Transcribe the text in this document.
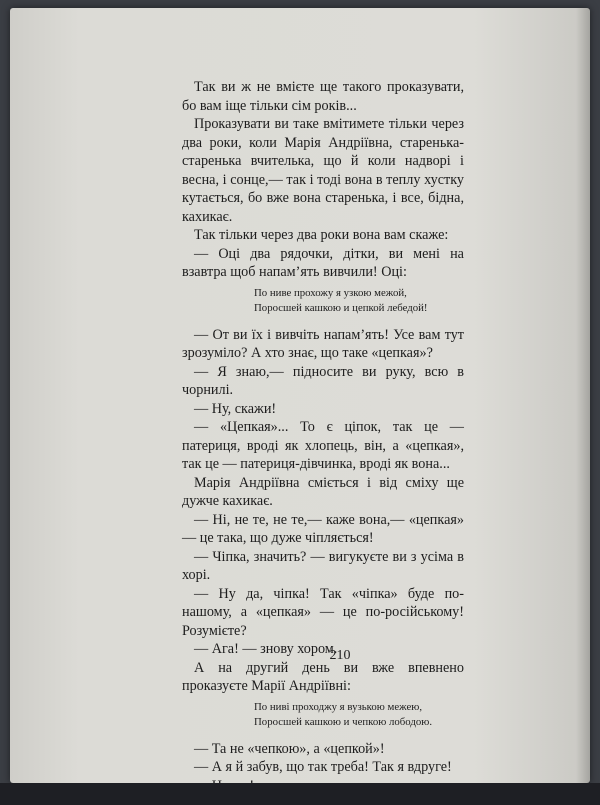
Так ви ж не вмієте ще такого проказувати, бо вам іще тільки сім років...

Проказувати ви таке вмітимете тільки через два роки, коли Марія Андріївна, старенька-старенька вчителька, що й коли надворі і весна, і сонце,— так і тоді вона в теплу хустку кутається, бо вже вона старенька, і все, бідна, кахикає.

Так тільки через два роки вона вам скаже:

— Оці два рядочки, дітки, ви мені на взавтра щоб напам’ять вивчили! Оці:

По ниве прохожу я узкою межой,
Поросшей кашкою и цепкой лебедой!

— От ви їх і вивчіть напам’ять! Усе вам тут зрозуміло? А хто знає, що таке «цепкая»?

— Я знаю,— підносите ви руку, всю в чорнилі.

— Ну, скажи!

— «Цепкая»... То є ціпок, так це — патериця, вроді як хлопець, він, а «цепкая», так це — патериця-дівчинка, вроді як вона...

Марія Андріївна сміється і від сміху ще дужче кахикає.

— Ні, не те, не те,— каже вона,— «цепкая» — це така, що дуже чіпляється!

— Чіпка, значить? — вигукуєте ви з усіма в хорі.

— Ну да, чіпка! Так «чіпка» буде по-нашому, а «цепкая» — це по-російському! Розумієте?

— Ага! — знову хором.

А на другий день ви вже впевнено проказуєте Марії Андріївні:

По ниві проходжу я вузькою межею,
Поросшей кашкою и чепкою лободою.

— Та не «чепкою», а «цепкой»!

— А я й забув, що так треба! Так я вдруге!

210
